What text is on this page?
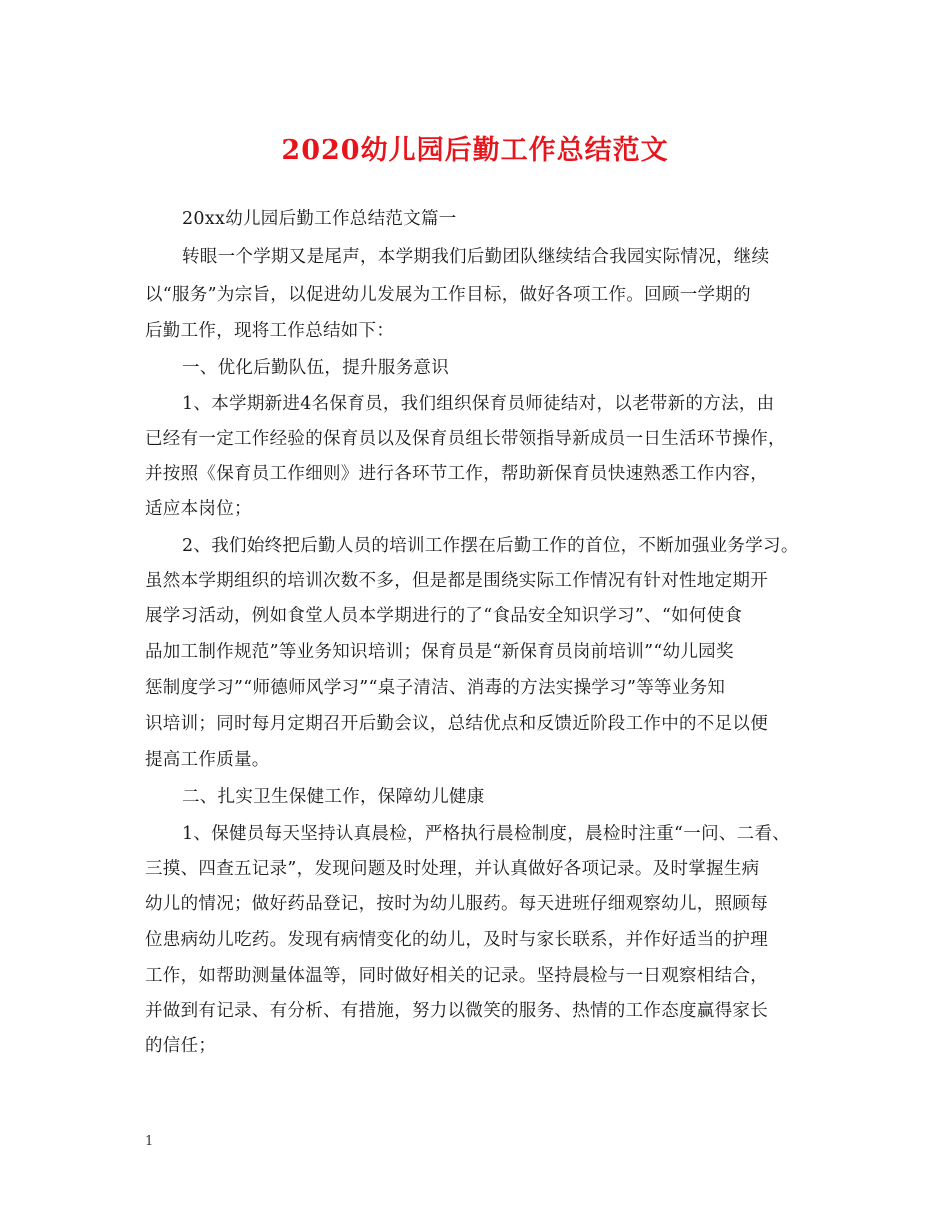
2020幼儿园后勤工作总结范文
20xx幼儿园后勤工作总结范文篇一
转眼一个学期又是尾声，本学期我们后勤团队继续结合我园实际情况，继续
以“服务”为宗旨，以促进幼儿发展为工作目标，做好各项工作。回顾一学期的
后勤工作，现将工作总结如下：
一、优化后勤队伍，提升服务意识
1、本学期新进4名保育员，我们组织保育员师徒结对，以老带新的方法，由
已经有一定工作经验的保育员以及保育员组长带领指导新成员一日生活环节操作，
并按照《保育员工作细则》进行各环节工作，帮助新保育员快速熟悉工作内容，
适应本岗位；
2、我们始终把后勤人员的培训工作摆在后勤工作的首位，不断加强业务学习。
虽然本学期组织的培训次数不多，但是都是围绕实际工作情况有针对性地定期开
展学习活动，例如食堂人员本学期进行的了“食品安全知识学习”、“如何使食
品加工制作规范”等业务知识培训；保育员是“新保育员岗前培训”“幼儿园奖
惩制度学习”“师德师风学习”“桌子清洁、消毒的方法实操学习”等等业务知
识培训；同时每月定期召开后勤会议，总结优点和反馈近阶段工作中的不足以便
提高工作质量。
二、扎实卫生保健工作，保障幼儿健康
1、保健员每天坚持认真晨检，严格执行晨检制度，晨检时注重“一问、二看、
三摸、四查五记录”，发现问题及时处理，并认真做好各项记录。及时掌握生病
幼儿的情况；做好药品登记，按时为幼儿服药。每天进班仔细观察幼儿，照顾每
位患病幼儿吃药。发现有病情变化的幼儿，及时与家长联系，并作好适当的护理
工作，如帮助测量体温等，同时做好相关的记录。坚持晨检与一日观察相结合，
并做到有记录、有分析、有措施，努力以微笑的服务、热情的工作态度赢得家长
的信任；
1
